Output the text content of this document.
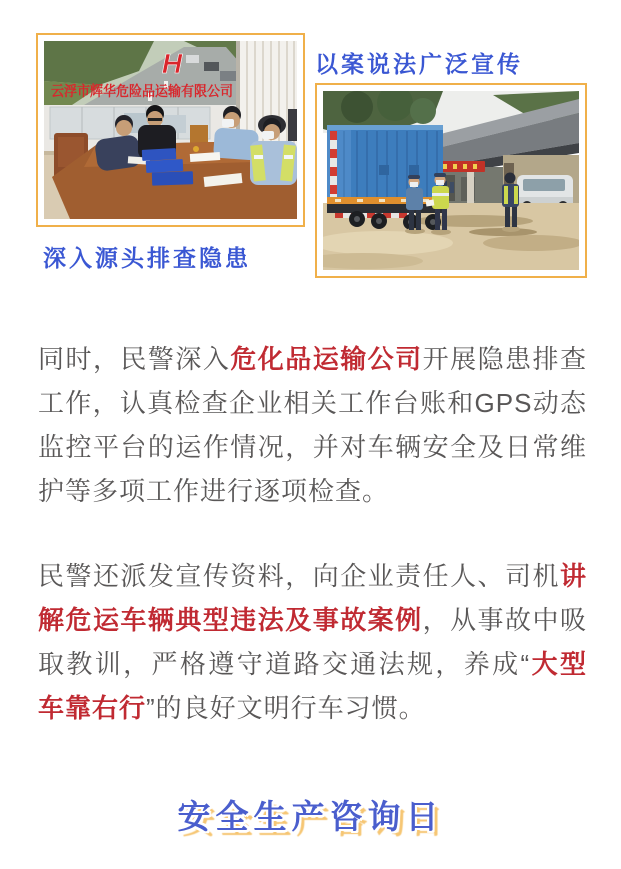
H
云浮市辉华危险品运输有限公司
深入源头排查隐患
以案说法广泛宣传

同时，民警深入危化品运输公司开展隐患排查工作，认真检查企业相关工作台账和GPS动态监控平台的运作情况，并对车辆安全及日常维护等多项工作进行逐项检查。

民警还派发宣传资料，向企业责任人、司机讲解危运车辆典型违法及事故案例，从事故中吸取教训，严格遵守道路交通法规，养成“大型车靠右行”的良好文明行车习惯。

安全生产咨询日
